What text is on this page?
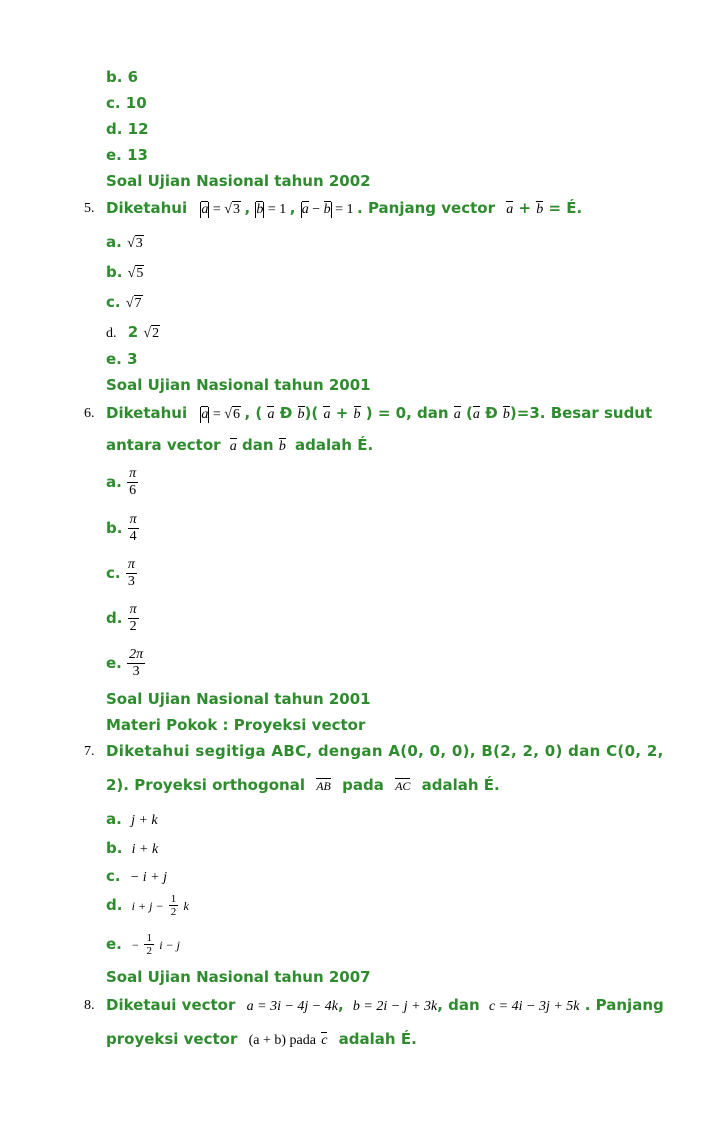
b. 6
c. 10
d. 12
e. 13
Soal Ujian Nasional tahun 2002
5. Diketahui a = √3 , b = 1 , a − b = 1 . Panjang vector a + b = É.
a. √3
b. √5
c. √7
d. 2 √2
e. 3
Soal Ujian Nasional tahun 2001
6. Diketahui a = √6 , ( a Ð b)( a + b ) = 0, dan a (a Ð b)=3. Besar sudut
antara vector a dan b adalah É.
a. $\frac{\pi}{6}$
b. $\frac{\pi}{4}$
c. $\frac{\pi}{3}$
d. $\frac{\pi}{2}$
e. $\frac{2\pi}{3}$
Soal Ujian Nasional tahun 2001
Materi Pokok : Proyeksi vector
7. Diketahui segitiga ABC, dengan A(0, 0, 0), B(2, 2, 0) dan C(0, 2,
2). Proyeksi orthogonal AB pada AC adalah É.
a. j + k
b. i + k
c. − i + j
d. $i + j - \frac{1}{2}$ k
e. − $\frac{1}{2}$ i − j
Soal Ujian Nasional tahun 2007
8. Diketaui vector a = 3i − 4j − 4k, b = 2i − j + 3k, dan c = 4i − 3j + 5k . Panjang
proyeksi vector (a + b) pada c adalah É.
